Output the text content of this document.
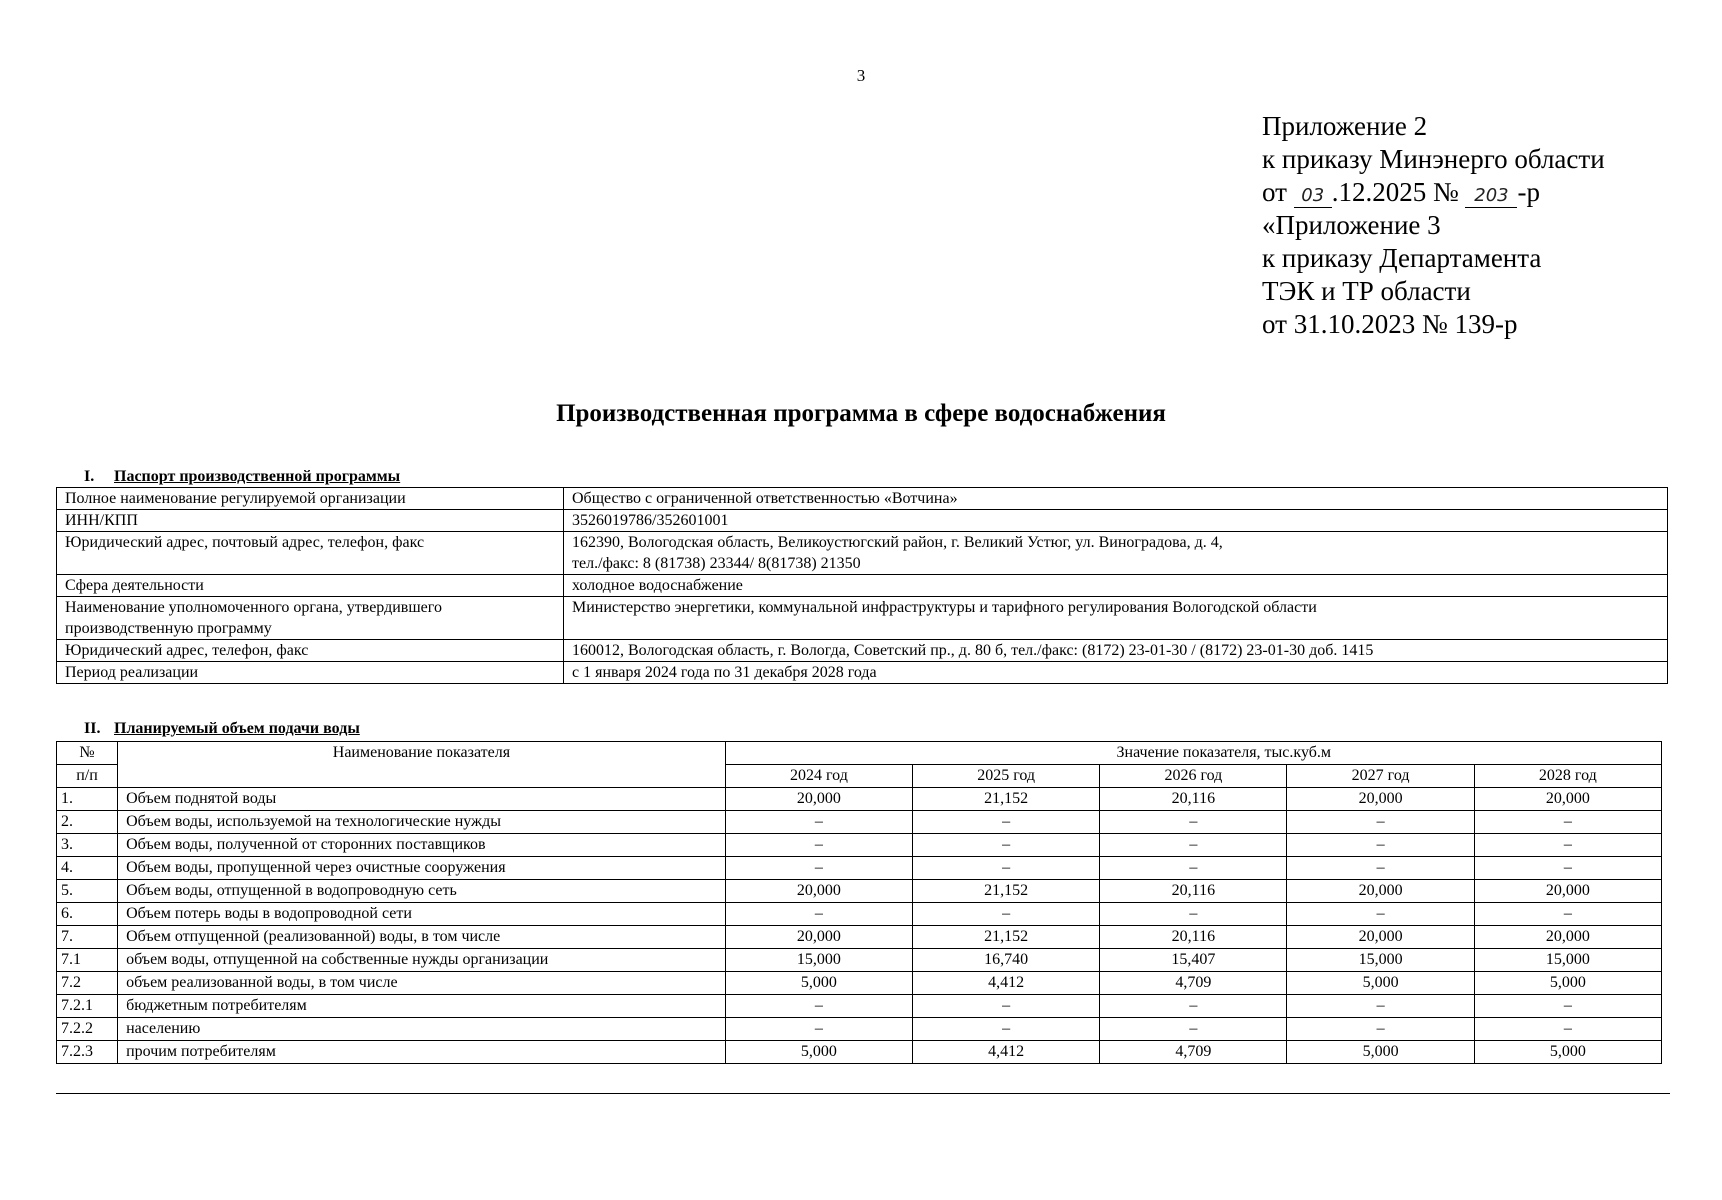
3
Приложение 2
к приказу Минэнерго области
от 03 .12.2025 № 203 -р
«Приложение 3
к приказу Департамента
ТЭК и ТР области
от 31.10.2023 № 139-р
Производственная программа в сфере водоснабжения
I. Паспорт производственной программы
Полное наименование регулируемой организации	Общество с ограниченной ответственностью «Вотчина»

ИНН/КПП	3526019786/352601001

Юридический адрес, почтовый адрес, телефон, факс	162390, Вологодская область, Великоустюгский район, г. Великий Устюг, ул. Виноградова, д. 4,
тел./факс: 8 (81738) 23344/ 8(81738) 21350

Сфера деятельности	холодное водоснабжение

Наименование уполномоченного органа, утвердившего
производственную программу	Министерство энергетики, коммунальной инфраструктуры и тарифного регулирования Вологодской области

Юридический адрес, телефон, факс	160012, Вологодская область, г. Вологда, Советский пр., д. 80 б, тел./факс: (8172) 23-01-30 / (8172) 23-01-30 доб. 1415

Период реализации	с 1 января 2024 года по 31 декабря 2028 года
II. Планируемый объем подачи воды
№	Наименование показателя	Значение показателя, тыс.куб.м				
п/п		2024 год	2025 год	2026 год	2027 год	2028 год
1.	Объем поднятой воды	20,000	21,152	20,116	20,000	20,000
2.	Объем воды, используемой на технологические нужды	–	–	–	–	–
3.	Объем воды, полученной от сторонних поставщиков	–	–	–	–	–
4.	Объем воды, пропущенной через очистные сооружения	–	–	–	–	–
5.	Объем воды, отпущенной в водопроводную сеть	20,000	21,152	20,116	20,000	20,000
6.	Объем потерь воды в водопроводной сети	–	–	–	–	–
7.	Объем отпущенной (реализованной) воды, в том числе	20,000	21,152	20,116	20,000	20,000
7.1	объем воды, отпущенной на собственные нужды организации	15,000	16,740	15,407	15,000	15,000
7.2	объем реализованной воды, в том числе	5,000	4,412	4,709	5,000	5,000
7.2.1	бюджетным потребителям	–	–	–	–	–
7.2.2	населению	–	–	–	–	–
7.2.3	прочим потребителям	5,000	4,412	4,709	5,000	5,000
